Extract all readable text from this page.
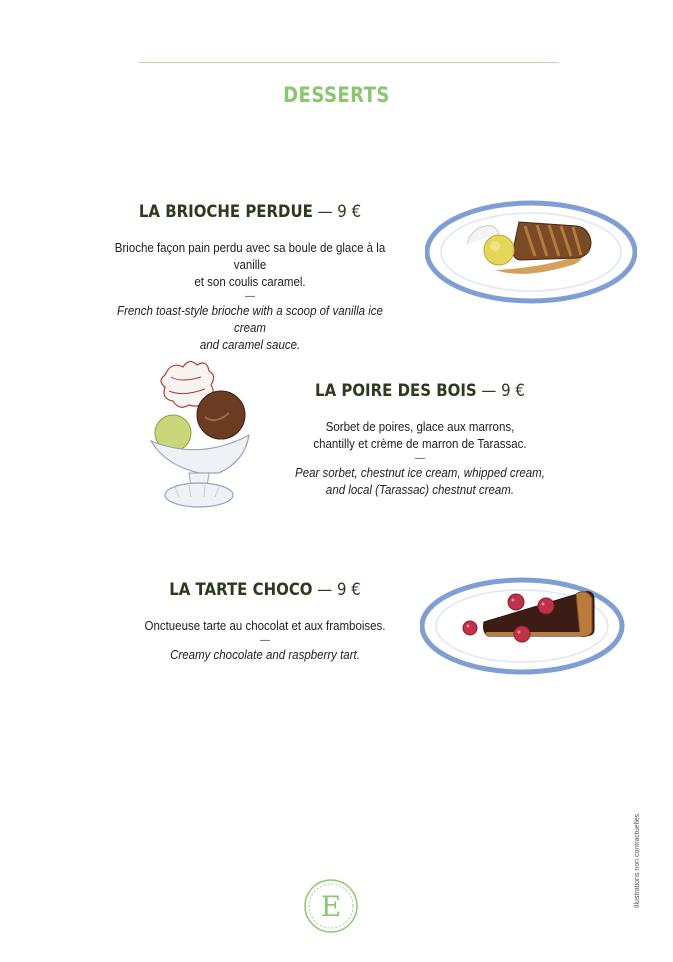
DESSERTS
LA BRIOCHE PERDUE — 9 €
Brioche façon pain perdu avec sa boule de glace à la vanille
et son coulis caramel.
—
French toast-style brioche with a scoop of vanilla ice cream
and caramel sauce.
LA POIRE DES BOIS — 9 €
Sorbet de poires, glace aux marrons,
chantilly et crème de marron de Tarassac.
—
Pear sorbet, chestnut ice cream, whipped cream,
and local (Tarassac) chestnut cream.
LA TARTE CHOCO — 9 €
Onctueuse tarte au chocolat et aux framboises.
—
Creamy chocolate and raspberry tart.
Illustrations non contractuelles.
E
